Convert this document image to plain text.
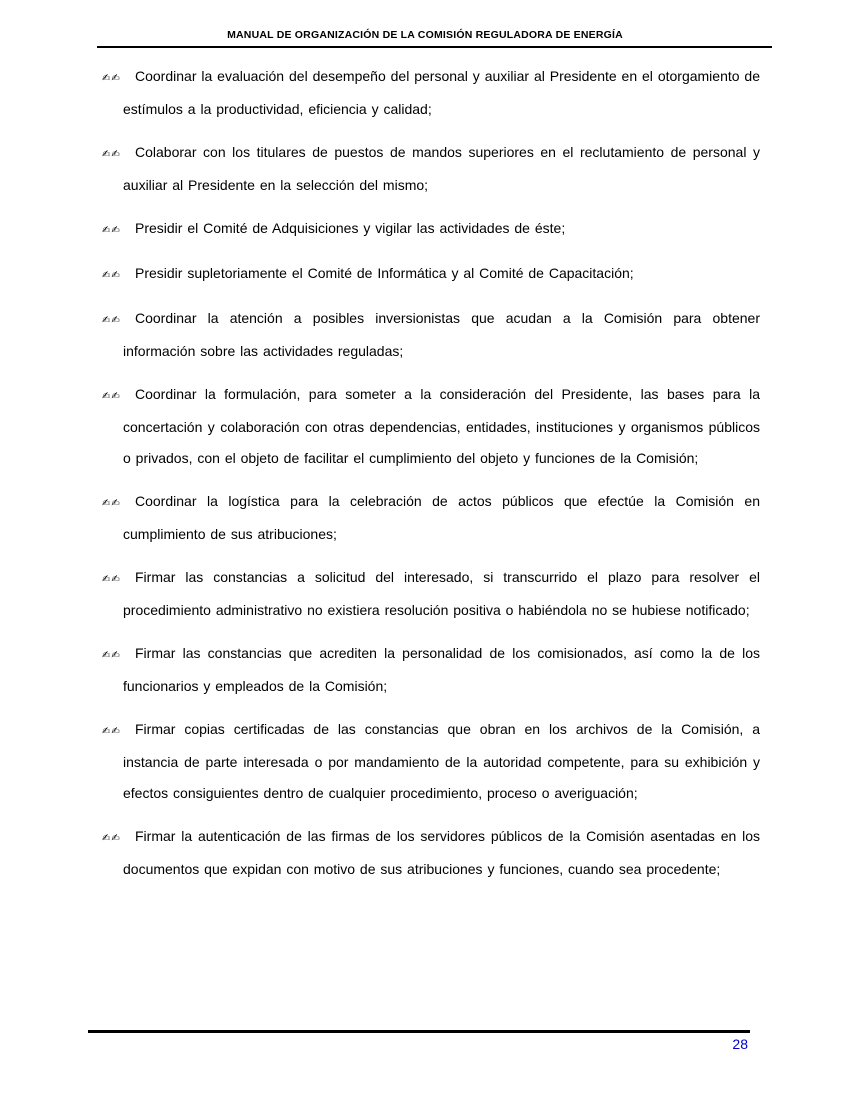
MANUAL DE ORGANIZACIÓN DE LA COMISIÓN REGULADORA DE ENERGÍA
✍✍ Coordinar la evaluación del desempeño del personal y auxiliar al Presidente en el otorgamiento de estímulos a la productividad, eficiencia y calidad;
✍✍ Colaborar con los titulares de puestos de mandos superiores en el reclutamiento de personal y auxiliar al Presidente en la selección del mismo;
✍✍ Presidir el Comité de Adquisiciones y vigilar las actividades de éste;
✍✍ Presidir supletoriamente el Comité de Informática y al Comité de Capacitación;
✍✍ Coordinar la atención a posibles inversionistas que acudan a la Comisión para obtener información sobre las actividades reguladas;
✍✍ Coordinar la formulación, para someter a la consideración del Presidente, las bases para la concertación y colaboración con otras dependencias, entidades, instituciones y organismos públicos o privados, con el objeto de facilitar el cumplimiento del objeto y funciones de la Comisión;
✍✍ Coordinar la logística para la celebración de actos públicos que efectúe la Comisión en cumplimiento de sus atribuciones;
✍✍ Firmar las constancias a solicitud del interesado, si transcurrido el plazo para resolver el procedimiento administrativo no existiera resolución positiva o habiéndola no se hubiese notificado;
✍✍ Firmar las constancias que acrediten la personalidad de los comisionados, así como la de los funcionarios y empleados de la Comisión;
✍✍ Firmar copias certificadas de las constancias que obran en los archivos de la Comisión, a instancia de parte interesada o por mandamiento de la autoridad competente, para su exhibición y efectos consiguientes dentro de cualquier procedimiento, proceso o averiguación;
✍✍ Firmar la autenticación de las firmas de los servidores públicos de la Comisión asentadas en los documentos que expidan con motivo de sus atribuciones y funciones, cuando sea procedente;
28
